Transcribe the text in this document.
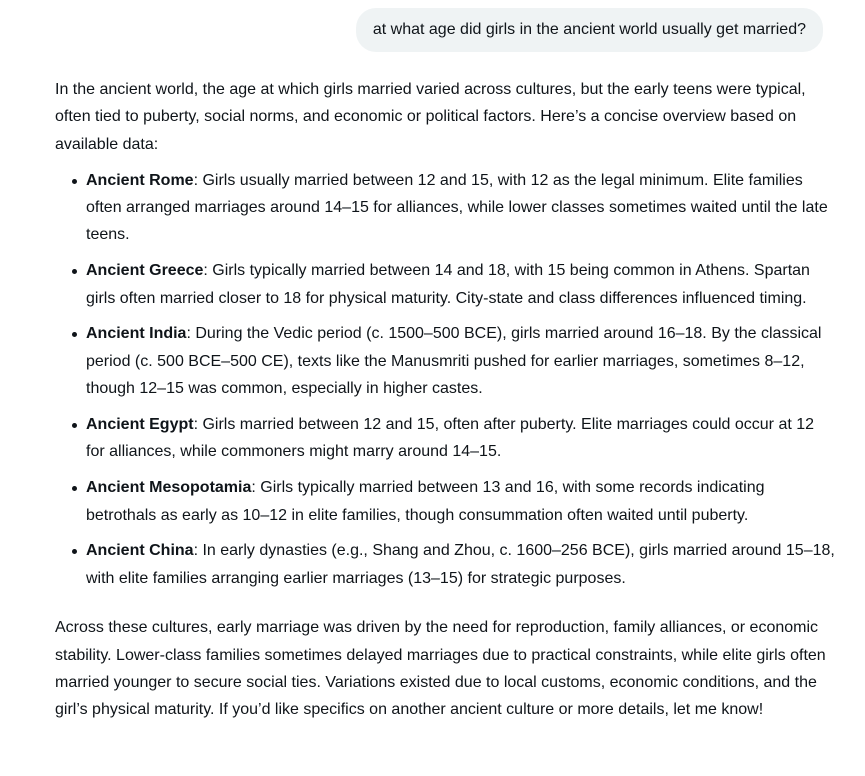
at what age did girls in the ancient world usually get married?

In the ancient world, the age at which girls married varied across cultures, but the early teens were typical, often tied to puberty, social norms, and economic or political factors. Here’s a concise overview based on available data:

Ancient Rome: Girls usually married between 12 and 15, with 12 as the legal minimum. Elite families often arranged marriages around 14–15 for alliances, while lower classes sometimes waited until the late teens.
Ancient Greece: Girls typically married between 14 and 18, with 15 being common in Athens. Spartan girls often married closer to 18 for physical maturity. City-state and class differences influenced timing.
Ancient India: During the Vedic period (c. 1500–500 BCE), girls married around 16–18. By the classical period (c. 500 BCE–500 CE), texts like the Manusmriti pushed for earlier marriages, sometimes 8–12, though 12–15 was common, especially in higher castes.
Ancient Egypt: Girls married between 12 and 15, often after puberty. Elite marriages could occur at 12 for alliances, while commoners might marry around 14–15.
Ancient Mesopotamia: Girls typically married between 13 and 16, with some records indicating betrothals as early as 10–12 in elite families, though consummation often waited until puberty.
Ancient China: In early dynasties (e.g., Shang and Zhou, c. 1600–256 BCE), girls married around 15–18, with elite families arranging earlier marriages (13–15) for strategic purposes.

Across these cultures, early marriage was driven by the need for reproduction, family alliances, or economic stability. Lower-class families sometimes delayed marriages due to practical constraints, while elite girls often married younger to secure social ties. Variations existed due to local customs, economic conditions, and the girl’s physical maturity. If you’d like specifics on another ancient culture or more details, let me know!
